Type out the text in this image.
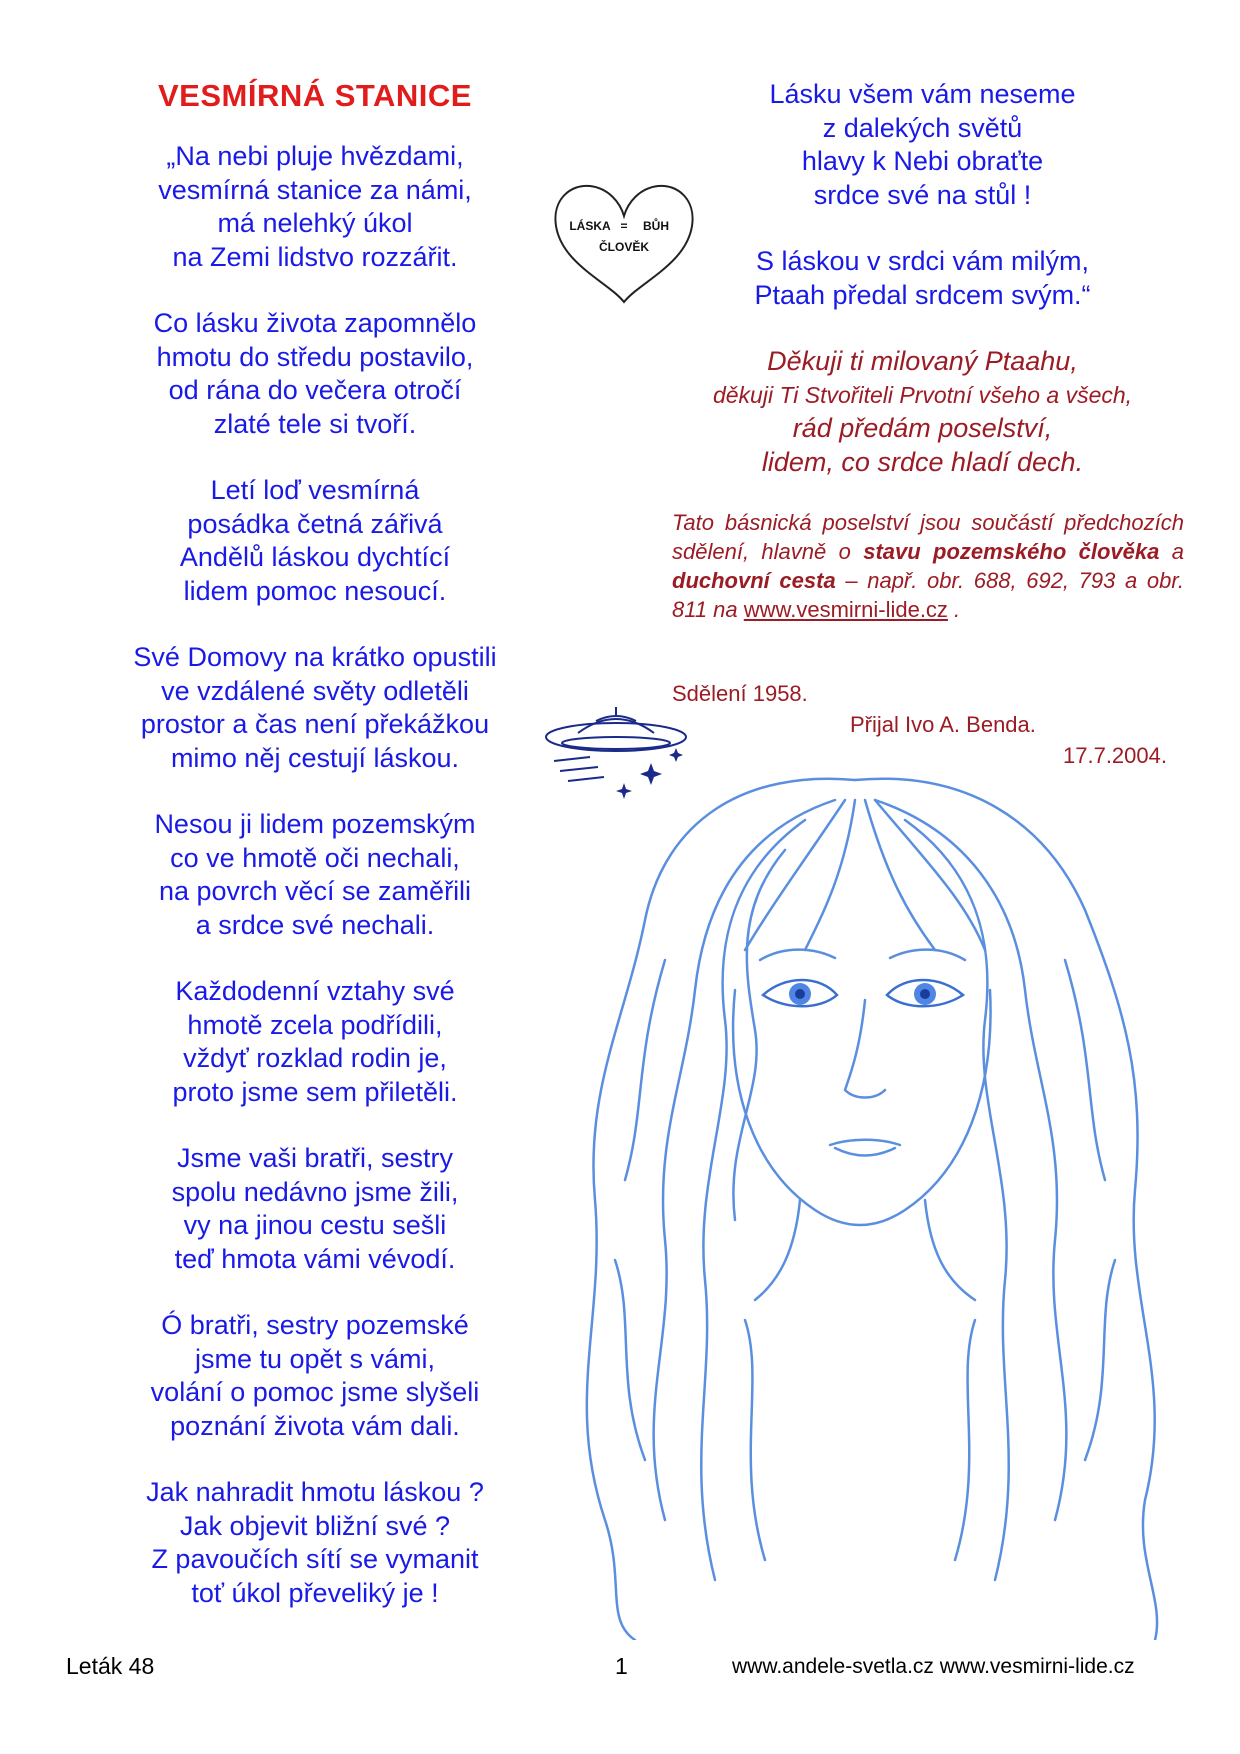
VESMÍRNÁ STANICE
„Na nebi pluje hvězdami,
vesmírná stanice za námi,
má nelehký úkol
na Zemi lidstvo rozzářit.
Co lásku života zapomnělo
hmotu do středu postavilo,
od rána do večera otročí
zlaté tele si tvoří.
Letí loď vesmírná
posádka četná zářivá
Andělů láskou dychtící
lidem pomoc nesoucí.
Své Domovy na krátko opustili
ve vzdálené světy odletěli
prostor a čas není překážkou
mimo něj cestují láskou.
Nesou ji lidem pozemským
co ve hmotě oči nechali,
na povrch věcí se zaměřili
a srdce své nechali.
Každodenní vztahy své
hmotě zcela podřídili,
vždyť rozklad rodin je,
proto jsme sem přiletěli.
Jsme vaši bratři, sestry
spolu nedávno jsme žili,
vy na jinou cestu sešli
teď hmota vámi vévodí.
Ó bratři, sestry pozemské
jsme tu opět s vámi,
volání o pomoc jsme slyšeli
poznání života vám dali.
Jak nahradit hmotu láskou ?
Jak objevit bližní své ?
Z pavoučích sítí se vymanit
toť úkol převeliký je !
LÁSKA = BŮH
ČLOVĚK
Lásku všem vám neseme
z dalekých světů
hlavy k Nebi obraťte
srdce své na stůl !
S láskou v srdci vám milým,
Ptaah předal srdcem svým.“
Děkuji ti milovaný Ptaahu,
děkuji Ti Stvořiteli Prvotní všeho a všech,
rád předám poselství,
lidem, co srdce hladí dech.
Tato básnická poselství jsou součástí předchozích sdělení, hlavně o stavu pozemského člověka a duchovní cesta – např. obr. 688, 692, 793 a obr. 811 na www.vesmirni-lide.cz .
Sdělení 1958.
Přijal Ivo A. Benda.
17.7.2004.
Leták 48	1	www.andele-svetla.cz www.vesmirni-lide.cz
